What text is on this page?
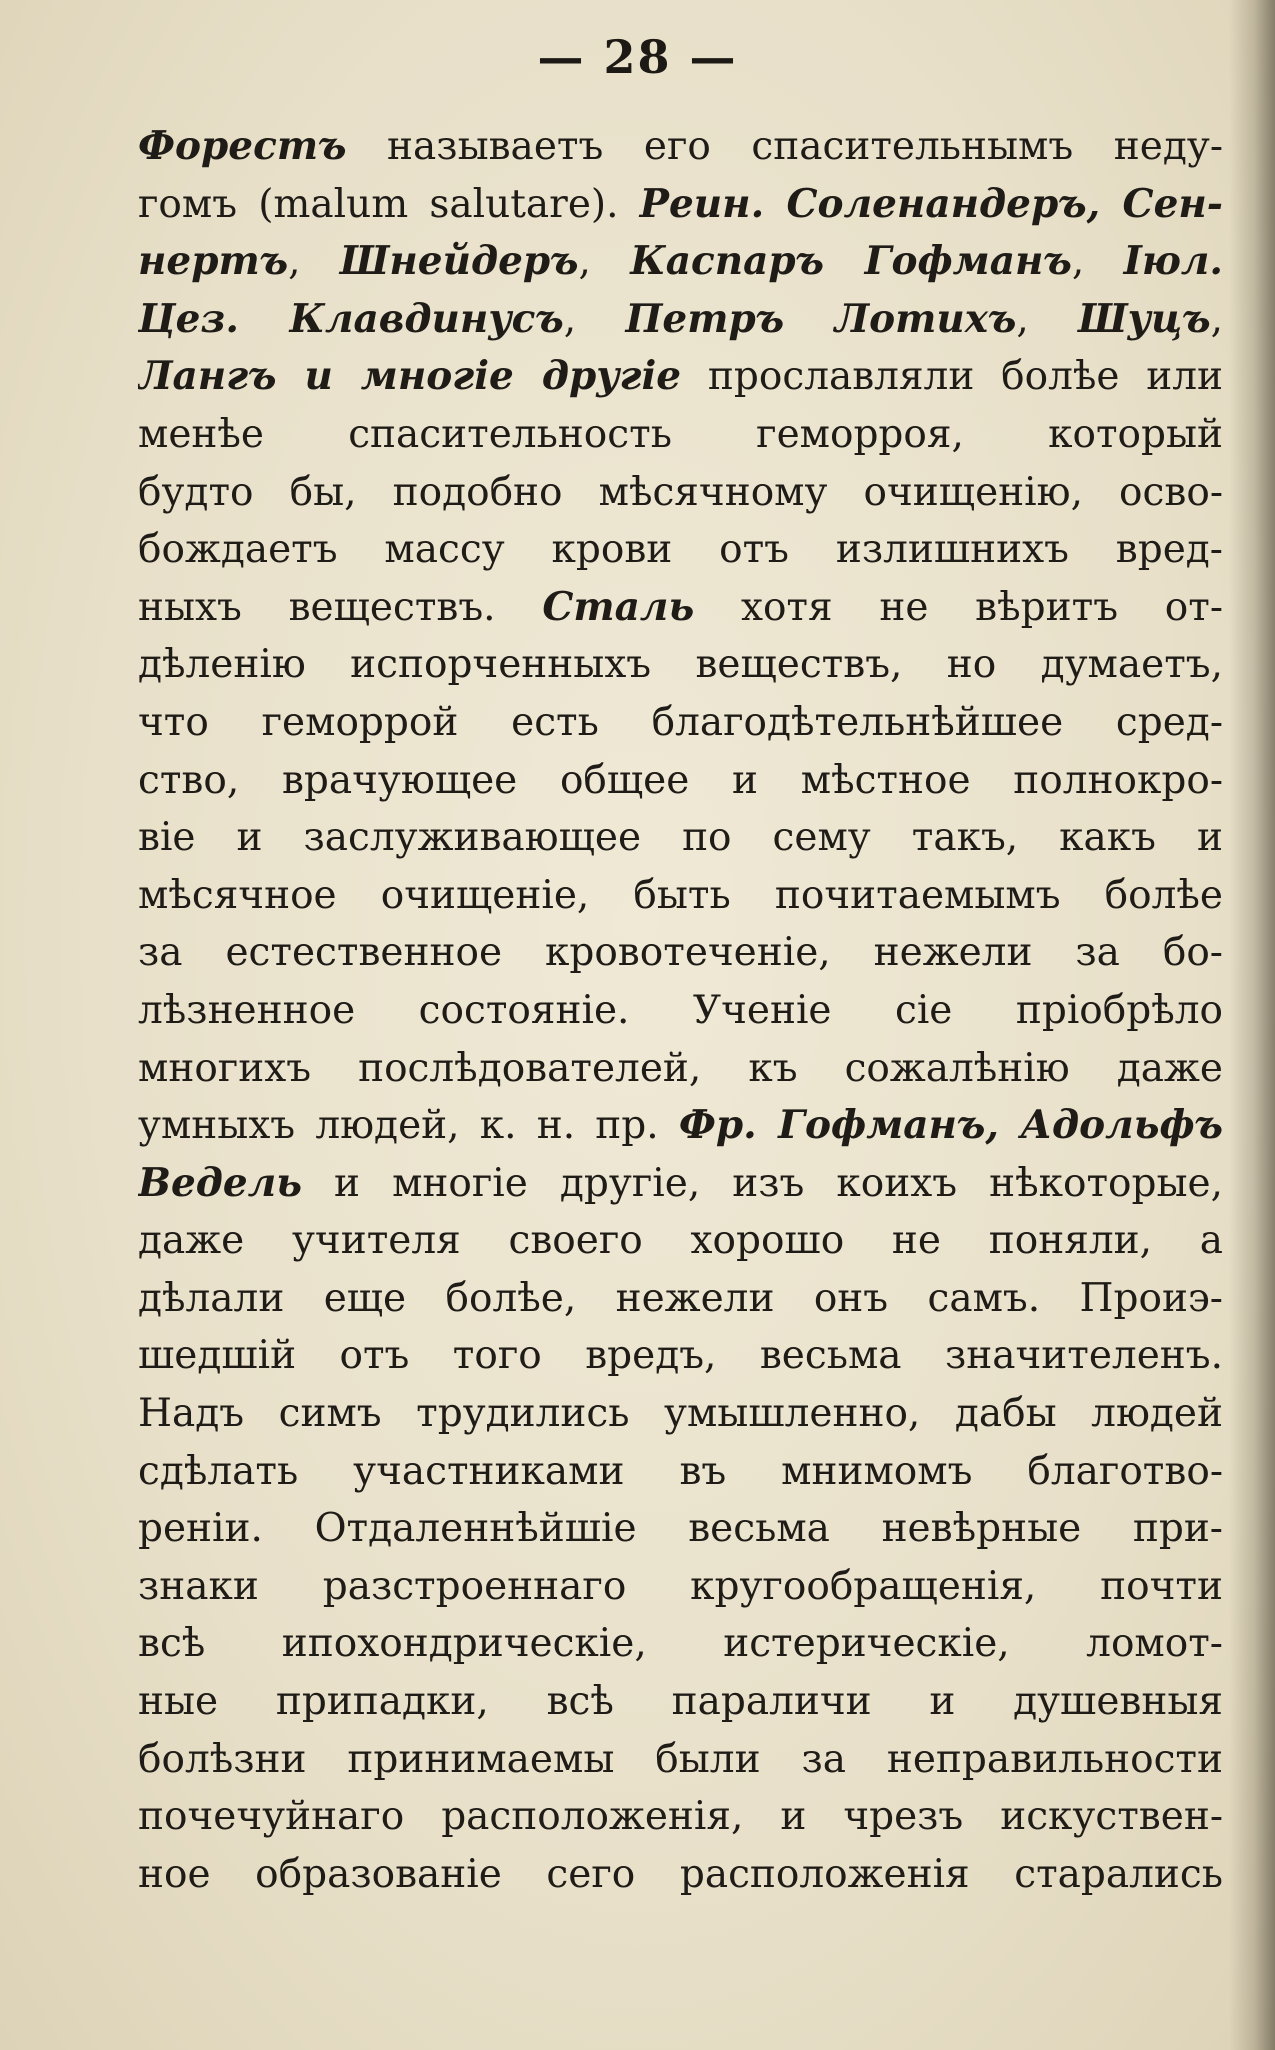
— 28 —
Форестъ называетъ его спасительнымъ неду-
гомъ (malum salutare). Реин. Соленандеръ, Сен-
нертъ, Шнейдеръ, Каспаръ Гофманъ, Іюл.
Цез. Клавдинусъ, Петръ Лотихъ, Шуцъ,
Лангъ и многіе другіе прославляли болѣе или
менѣе спасительность геморроя, который
будто бы, подобно мѣсячному очищенію, осво-
бождаетъ массу крови отъ излишнихъ вред-
ныхъ веществъ. Сталь хотя не вѣритъ от-
дѣленію испорченныхъ веществъ, но думаетъ,
что геморрой есть благодѣтельнѣйшее сред-
ство, врачующее общее и мѣстное полнокро-
віе и заслуживающее по сему такъ, какъ и
мѣсячное очищеніе, быть почитаемымъ болѣе
за естественное кровотеченіе, нежели за бо-
лѣзненное состояніе. Ученіе сіе пріобрѣло
многихъ послѣдователей, къ сожалѣнію даже
умныхъ людей, к. н. пр. Фр. Гофманъ, Адольфъ
Ведель и многіе другіе, изъ коихъ нѣкоторые,
даже учителя своего хорошо не поняли, а
дѣлали еще болѣе, нежели онъ самъ. Проиэ-
шедшій отъ того вредъ, весьма значителенъ.
Надъ симъ трудились умышленно, дабы людей
сдѣлать участниками въ мнимомъ благотво-
реніи. Отдаленнѣйшіе весьма невѣрные при-
знаки разстроеннаго кругообращенія, почти
всѣ ипохондрическіе, истерическіе, ломот-
ные припадки, всѣ параличи и душевныя
болѣзни принимаемы были за неправильности
почечуйнаго расположенія, и чрезъ искуствен-
ное образованіе сего расположенія старались
